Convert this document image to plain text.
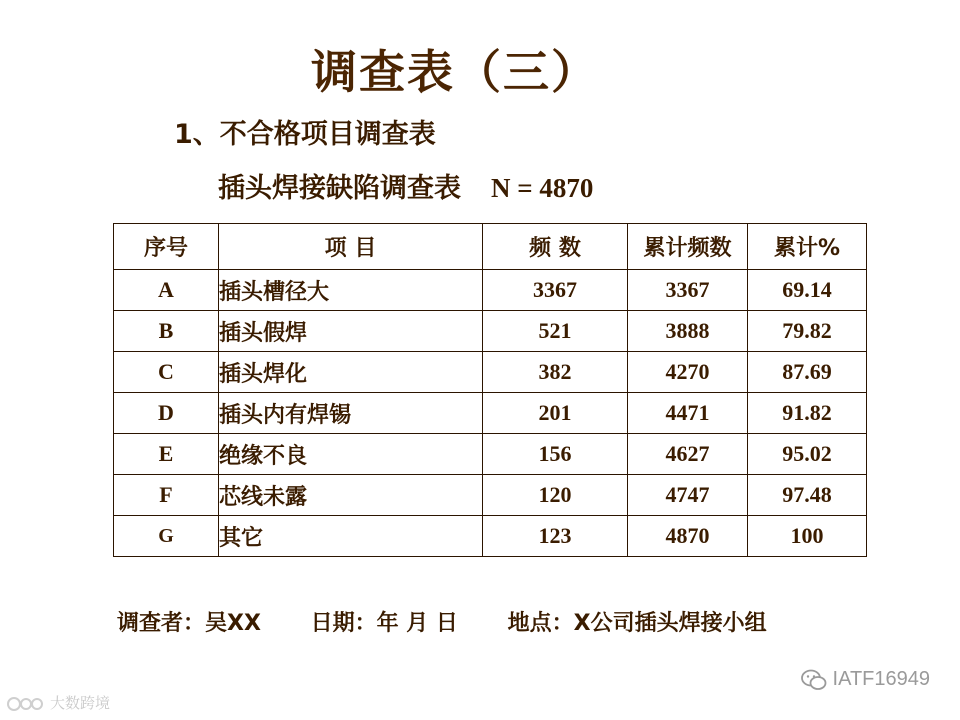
调查表（三）
1、不合格项目调查表
插头焊接缺陷调查表 N = 4870
序号	项 目	频 数	累计频数	累计%
A	插头槽径大	3367	3367	69.14
B	插头假焊	521	3888	79.82
C	插头焊化	382	4270	87.69
D	插头内有焊锡	201	4471	91.82
E	绝缘不良	156	4627	95.02
F	芯线未露	120	4747	97.48
G	其它	123	4870	100
调查者：吴XX 日期：年 月 日 地点：X公司插头焊接小组
大数跨境
IATF16949
